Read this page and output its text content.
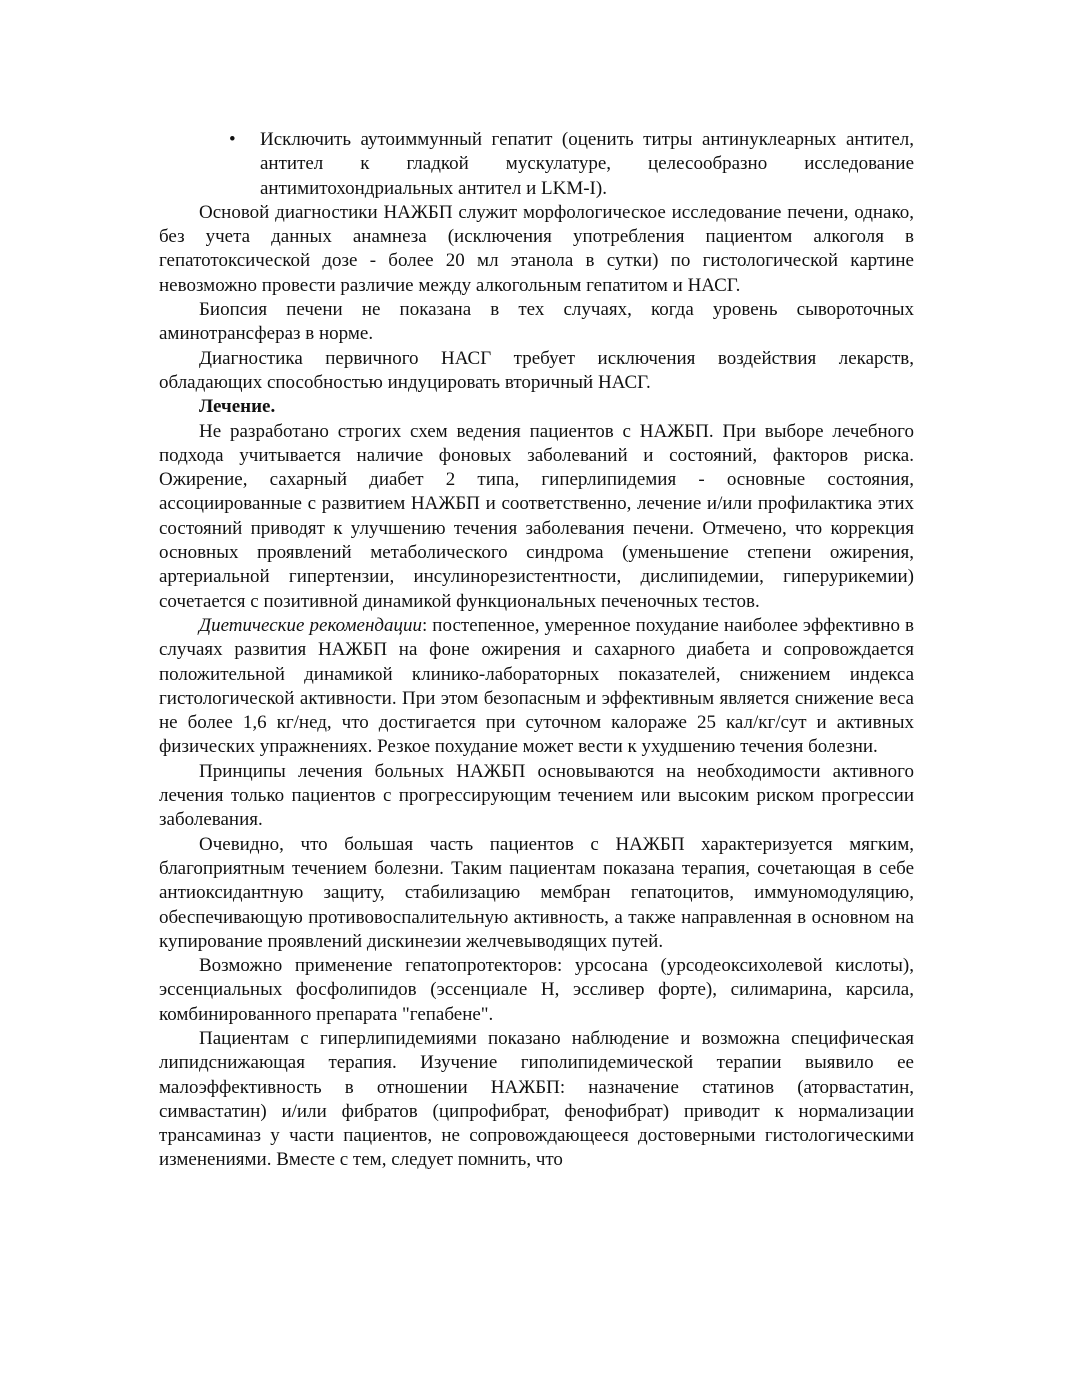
• Исключить аутоиммунный гепатит (оценить титры антинуклеарных антител, антител к гладкой мускулатуре, целесообразно исследование антимитохондриальных антител и LKM-I).

Основой диагностики НАЖБП служит морфологическое исследование печени, однако, без учета данных анамнеза (исключения употребления пациентом алкоголя в гепатотоксической дозе - более 20 мл этанола в сутки) по гистологической картине невозможно провести различие между алкогольным гепатитом и НАСГ.

Биопсия печени не показана в тех случаях, когда уровень сывороточных аминотрансфераз в норме.

Диагностика первичного НАСГ требует исключения воздействия лекарств, обладающих способностью индуцировать вторичный НАСГ.

Лечение.

Не разработано строгих схем ведения пациентов с НАЖБП. При выборе лечебного подхода учитывается наличие фоновых заболеваний и состояний, факторов риска. Ожирение, сахарный диабет 2 типа, гиперлипидемия - основные состояния, ассоциированные с развитием НАЖБП и соответственно, лечение и/или профилактика этих состояний приводят к улучшению течения заболевания печени. Отмечено, что коррекция основных проявлений метаболического синдрома (уменьшение степени ожирения, артериальной гипертензии, инсулинорезистентности, дислипидемии, гиперурикемии) сочетается с позитивной динамикой функциональных печеночных тестов.

Диетические рекомендации: постепенное, умеренное похудание наиболее эффективно в случаях развития НАЖБП на фоне ожирения и сахарного диабета и сопровождается положительной динамикой клинико-лабораторных показателей, снижением индекса гистологической активности. При этом безопасным и эффективным является снижение веса не более 1,6 кг/нед, что достигается при суточном калораже 25 кал/кг/сут и активных физических упражнениях. Резкое похудание может вести к ухудшению течения болезни.

Принципы лечения больных НАЖБП основываются на необходимости активного лечения только пациентов с прогрессирующим течением или высоким риском прогрессии заболевания.

Очевидно, что большая часть пациентов с НАЖБП характеризуется мягким, благоприятным течением болезни. Таким пациентам показана терапия, сочетающая в себе антиоксидантную защиту, стабилизацию мембран гепатоцитов, иммуномодуляцию, обеспечивающую противовоспалительную активность, а также направленная в основном на купирование проявлений дискинезии желчевыводящих путей.

Возможно применение гепатопротекторов: урсосана (урсодеоксихолевой кислоты), эссенциальных фосфолипидов (эссенциале Н, эссливер форте), силимарина, карсила, комбинированного препарата "гепабене".

Пациентам с гиперлипидемиями показано наблюдение и возможна специфическая липидснижающая терапия. Изучение гиполипидемической терапии выявило ее малоэффективность в отношении НАЖБП: назначение статинов (аторвастатин, симвастатин) и/или фибратов (ципрофибрат, фенофибрат) приводит к нормализации трансаминаз у части пациентов, не сопровождающееся достоверными гистологическими изменениями. Вместе с тем, следует помнить, что
